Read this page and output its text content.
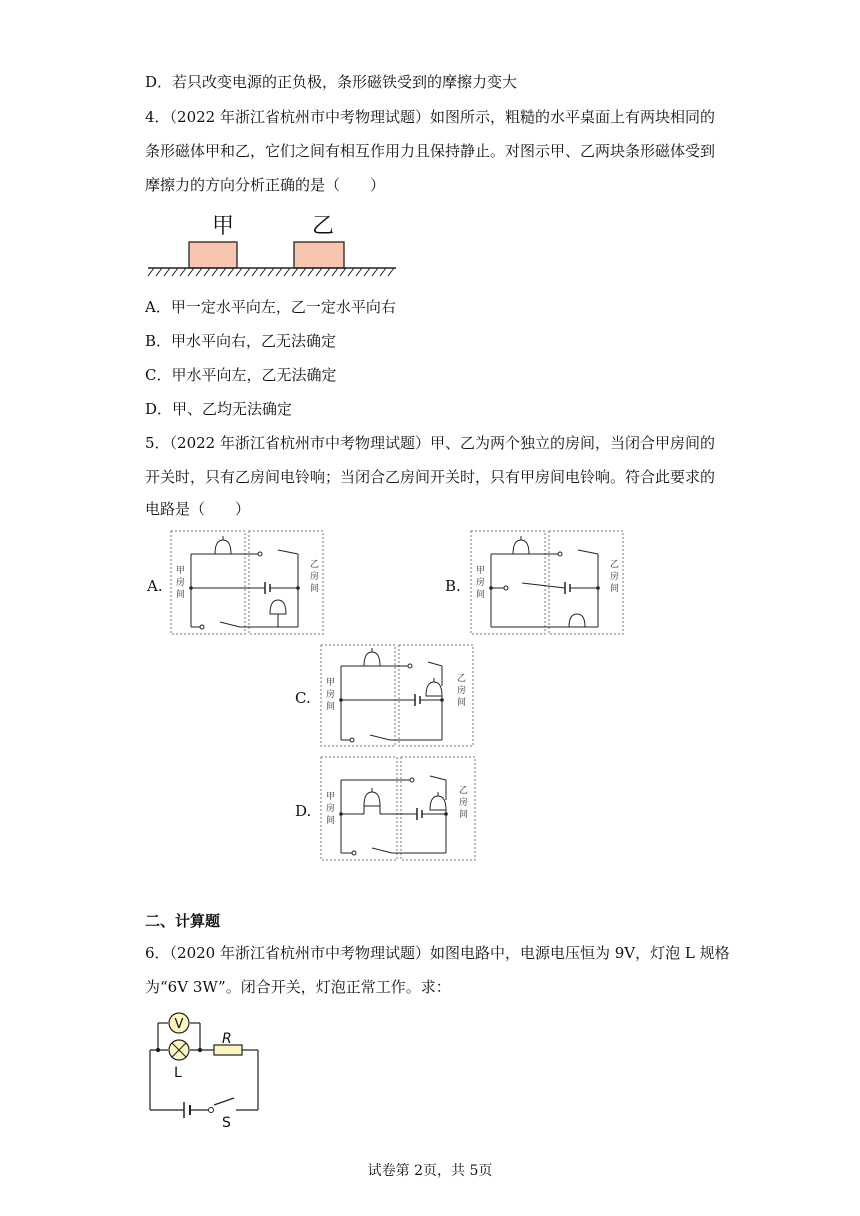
D．若只改变电源的正负极，条形磁铁受到的摩擦力变大
4．（2022 年浙江省杭州市中考物理试题）如图所示，粗糙的水平桌面上有两块相同的
条形磁体甲和乙，它们之间有相互作用力且保持静止。对图示甲、乙两块条形磁体受到
摩擦力的方向分析正确的是（　　）
甲	乙
A．甲一定水平向左，乙一定水平向右
B．甲水平向右，乙无法确定
C．甲水平向左，乙无法确定
D．甲、乙均无法确定
5．（2022 年浙江省杭州市中考物理试题）甲、乙为两个独立的房间，当闭合甲房间的
开关时，只有乙房间电铃响；当闭合乙房间开关时，只有甲房间电铃响。符合此要求的
电路是（　　）
A.	B.
C.
D.
甲
房
间
乙
房
间
甲
房
间
乙
房
间
甲
房
间
乙
房
间
甲
房
间
乙
房
间
二、计算题
6．（2020 年浙江省杭州市中考物理试题）如图电路中，电源电压恒为 9V，灯泡 L 规格
为“6V 3W”。闭合开关，灯泡正常工作。求：
V
R
L
S
试卷第 2页，共 5页
